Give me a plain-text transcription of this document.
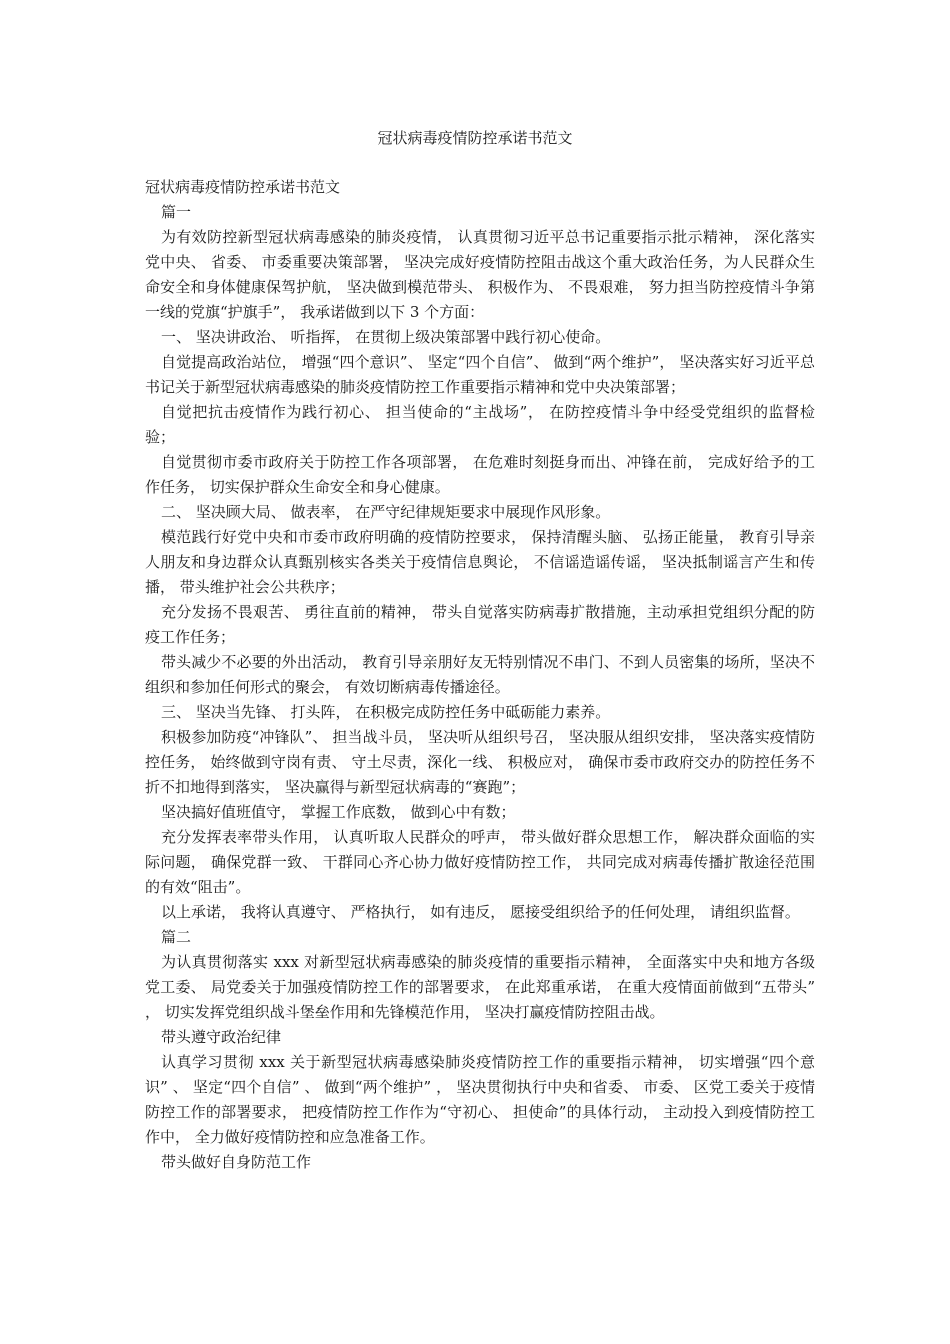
冠状病毒疫情防控承诺书范文

冠状病毒疫情防控承诺书范文

篇一

为有效防控新型冠状病毒感染的肺炎疫情， 认真贯彻习近平总书记重要指示批示精神， 深化落实党中央、 省委、 市委重要决策部署， 坚决完成好疫情防控阻击战这个重大政治任务，为人民群众生命安全和身体健康保驾护航， 坚决做到模范带头、 积极作为、 不畏艰难， 努力担当防控疫情斗争第一线的党旗“护旗手”， 我承诺做到以下 3 个方面：

一、 坚决讲政治、 听指挥， 在贯彻上级决策部署中践行初心使命。

自觉提高政治站位， 增强“四个意识”、 坚定“四个自信”、 做到“两个维护”， 坚决落实好习近平总书记关于新型冠状病毒感染的肺炎疫情防控工作重要指示精神和党中央决策部署；

自觉把抗击疫情作为践行初心、 担当使命的“主战场”， 在防控疫情斗争中经受党组织的监督检验；

自觉贯彻市委市政府关于防控工作各项部署， 在危难时刻挺身而出、冲锋在前， 完成好给予的工作任务， 切实保护群众生命安全和身心健康。

二、 坚决顾大局、 做表率， 在严守纪律规矩要求中展现作风形象。

模范践行好党中央和市委市政府明确的疫情防控要求， 保持清醒头脑、 弘扬正能量， 教育引导亲人朋友和身边群众认真甄别核实各类关于疫情信息舆论， 不信谣造谣传谣， 坚决抵制谣言产生和传播， 带头维护社会公共秩序；

充分发扬不畏艰苦、 勇往直前的精神， 带头自觉落实防病毒扩散措施，主动承担党组织分配的防疫工作任务；

带头减少不必要的外出活动， 教育引导亲朋好友无特别情况不串门、不到人员密集的场所，坚决不组织和参加任何形式的聚会， 有效切断病毒传播途径。

三、 坚决当先锋、 打头阵， 在积极完成防控任务中砥砺能力素养。

积极参加防疫“冲锋队”、 担当战斗员， 坚决听从组织号召， 坚决服从组织安排， 坚决落实疫情防控任务， 始终做到守岗有责、 守土尽责，深化一线、 积极应对， 确保市委市政府交办的防控任务不折不扣地得到落实， 坚决赢得与新型冠状病毒的“赛跑”；

坚决搞好值班值守， 掌握工作底数， 做到心中有数；

充分发挥表率带头作用， 认真听取人民群众的呼声， 带头做好群众思想工作， 解决群众面临的实际问题， 确保党群一致、 干群同心齐心协力做好疫情防控工作， 共同完成对病毒传播扩散途径范围的有效“阻击”。

以上承诺， 我将认真遵守、 严格执行， 如有违反， 愿接受组织给予的任何处理， 请组织监督。

篇二

为认真贯彻落实 xxx 对新型冠状病毒感染的肺炎疫情的重要指示精神， 全面落实中央和地方各级党工委、 局党委关于加强疫情防控工作的部署要求， 在此郑重承诺， 在重大疫情面前做到“五带头” ， 切实发挥党组织战斗堡垒作用和先锋模范作用， 坚决打赢疫情防控阻击战。

带头遵守政治纪律

认真学习贯彻 xxx 关于新型冠状病毒感染肺炎疫情防控工作的重要指示精神， 切实增强“四个意识” 、 坚定“四个自信” 、 做到“两个维护” ， 坚决贯彻执行中央和省委、 市委、 区党工委关于疫情防控工作的部署要求， 把疫情防控工作作为“守初心、 担使命”的具体行动， 主动投入到疫情防控工作中， 全力做好疫情防控和应急准备工作。

带头做好自身防范工作
